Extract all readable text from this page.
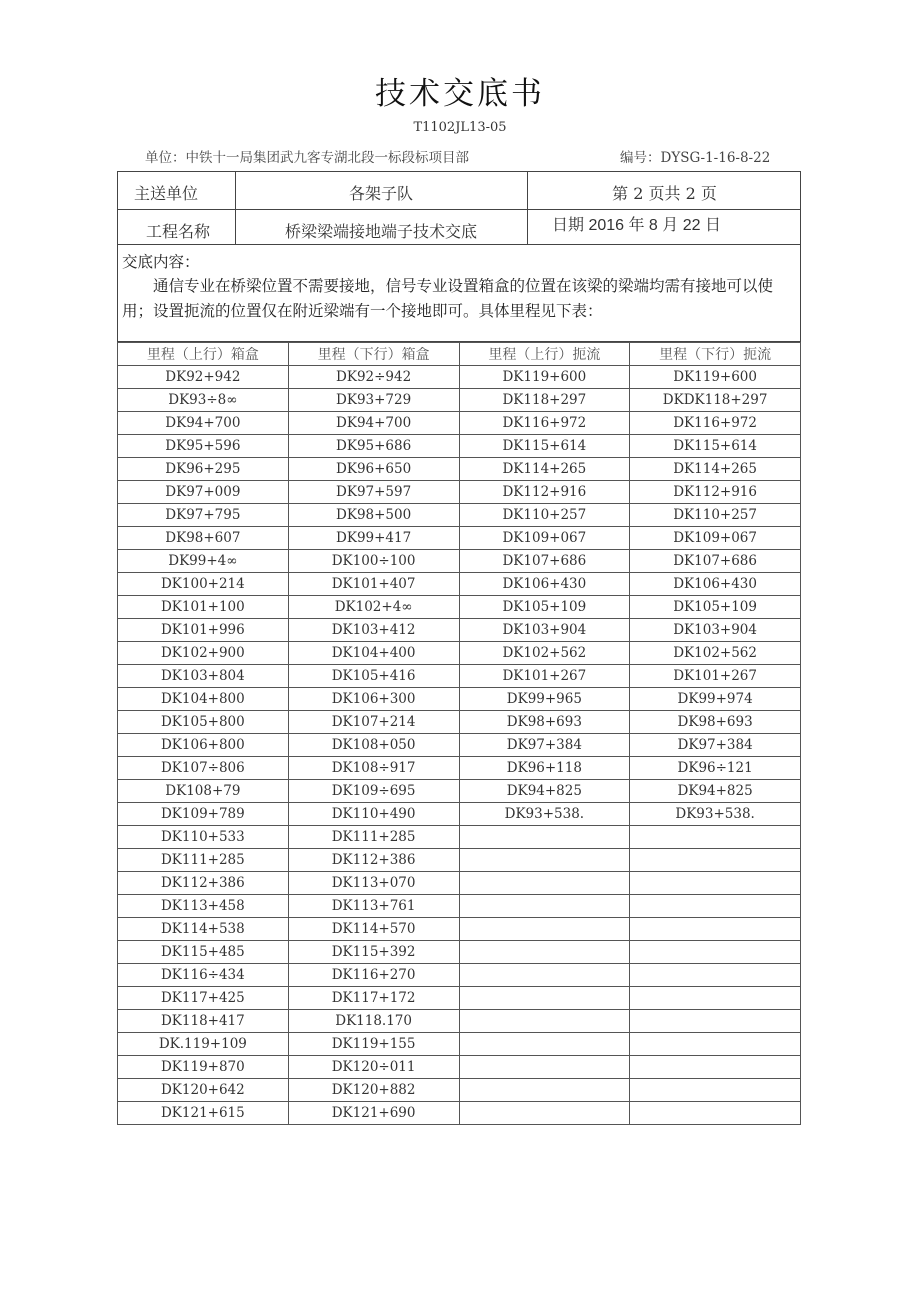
技术交底书
T1102JL13-05
单位：中铁十一局集团武九客专湖北段一标段标项目部	编号：DYSG-1-16-8-22
主送单位	各架子队	第 2 页共 2 页
工程名称	桥梁梁端接地端子技术交底	日期 2016 年 8 月 22 日
交底内容：
通信专业在桥梁位置不需要接地，信号专业设置箱盒的位置在该梁的梁端均需有接地可以使用；设置扼流的位置仅在附近梁端有一个接地即可。具体里程见下表：
里程（上行）箱盒	里程（下行）箱盒	里程（上行）扼流	里程（下行）扼流
DK92+942	DK92÷942	DK119+600	DK119+600
DK93÷8∞	DK93+729	DK118+297	DKDK118+297
DK94+700	DK94+700	DK116+972	DK116+972
DK95+596	DK95+686	DK115+614	DK115+614
DK96+295	DK96+650	DK114+265	DK114+265
DK97+009	DK97+597	DK112+916	DK112+916
DK97+795	DK98+500	DK110+257	DK110+257
DK98+607	DK99+417	DK109+067	DK109+067
DK99+4∞	DK100÷100	DK107+686	DK107+686
DK100+214	DK101+407	DK106+430	DK106+430
DK101+100	DK102+4∞	DK105+109	DK105+109
DK101+996	DK103+412	DK103+904	DK103+904
DK102+900	DK104+400	DK102+562	DK102+562
DK103+804	DK105+416	DK101+267	DK101+267
DK104+800	DK106+300	DK99+965	DK99+974
DK105+800	DK107+214	DK98+693	DK98+693
DK106+800	DK108+050	DK97+384	DK97+384
DK107÷806	DK108÷917	DK96+118	DK96÷121
DK108+79	DK109÷695	DK94+825	DK94+825
DK109+789	DK110+490	DK93+538.	DK93+538.
DK110+533	DK111+285		
DK111+285	DK112+386		
DK112+386	DK113+070		
DK113+458	DK113+761		
DK114+538	DK114+570		
DK115+485	DK115+392		
DK116÷434	DK116+270		
DK117+425	DK117+172		
DK118+417	DK118.170		
DK.119+109	DK119+155		
DK119+870	DK120÷011		
DK120+642	DK120+882		
DK121+615	DK121+690		
